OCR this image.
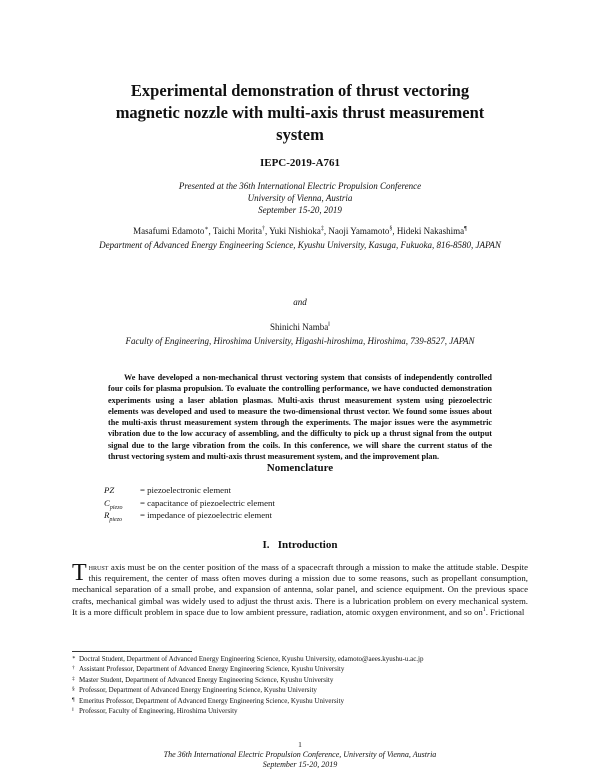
Experimental demonstration of thrust vectoring magnetic nozzle with multi-axis thrust measurement system
IEPC-2019-A761
Presented at the 36th International Electric Propulsion Conference
University of Vienna, Austria
September 15-20, 2019
Masafumi Edamoto∗, Taichi Morita†, Yuki Nishioka‡, Naoji Yamamoto§, Hideki Nakashima¶
Department of Advanced Energy Engineering Science, Kyushu University, Kasuga, Fukuoka, 816-8580, JAPAN
and
Shinichi Namba‖
Faculty of Engineering, Hiroshima University, Higashi-hiroshima, Hiroshima, 739-8527, JAPAN
We have developed a non-mechanical thrust vectoring system that consists of independently controlled four coils for plasma propulsion. To evaluate the controlling performance, we have conducted demonstration experiments using a laser ablation plasmas. Multi-axis thrust measurement system using piezoelectric elements was developed and used to measure the two-dimensional thrust vector. We found some issues about the multi-axis thrust measurement system through the experiments. The major issues were the asymmetric vibration due to the low accuracy of assembling, and the difficulty to pick up a thrust signal from the output signal due to the large vibration from the coils. In this conference, we will share the current status of the thrust vectoring system and multi-axis thrust measurement system, and the improvement plan.
Nomenclature
PZ	= piezoelectronic element
$C_{piezo}$	= capacitance of piezoelectric element
$R_{piezo}$	= impedance of piezoelectric element
I.   Introduction
Thrust axis must be on the center position of the mass of a spacecraft through a mission to make the attitude stable. Despite this requirement, the center of mass often moves during a mission due to some reasons, such as propellant consumption, mechanical separation of a small probe, and expansion of antenna, solar panel, and science equipment. On the previous space crafts, mechanical gimbal was widely used to adjust the thrust axis. There is a lubrication problem on every mechanical system. It is a more difficult problem in space due to low ambient pressure, radiation, atomic oxygen environment, and so $on^1$. Frictional
∗ Doctral Student, Department of Advanced Energy Engineering Science, Kyushu University, edamoto@aees.kyushu-u.ac.jp
† Assistant Professor, Department of Advanced Energy Engineering Science, Kyushu University
‡ Master Student, Department of Advanced Energy Engineering Science, Kyushu University
§ Professor, Department of Advanced Energy Engineering Science, Kyushu University
¶ Emeritus Professor, Department of Advanced Energy Engineering Science, Kyushu University
‖ Professor, Faculty of Engineering, Hiroshima University
1
The 36th International Electric Propulsion Conference, University of Vienna, Austria
September 15-20, 2019
